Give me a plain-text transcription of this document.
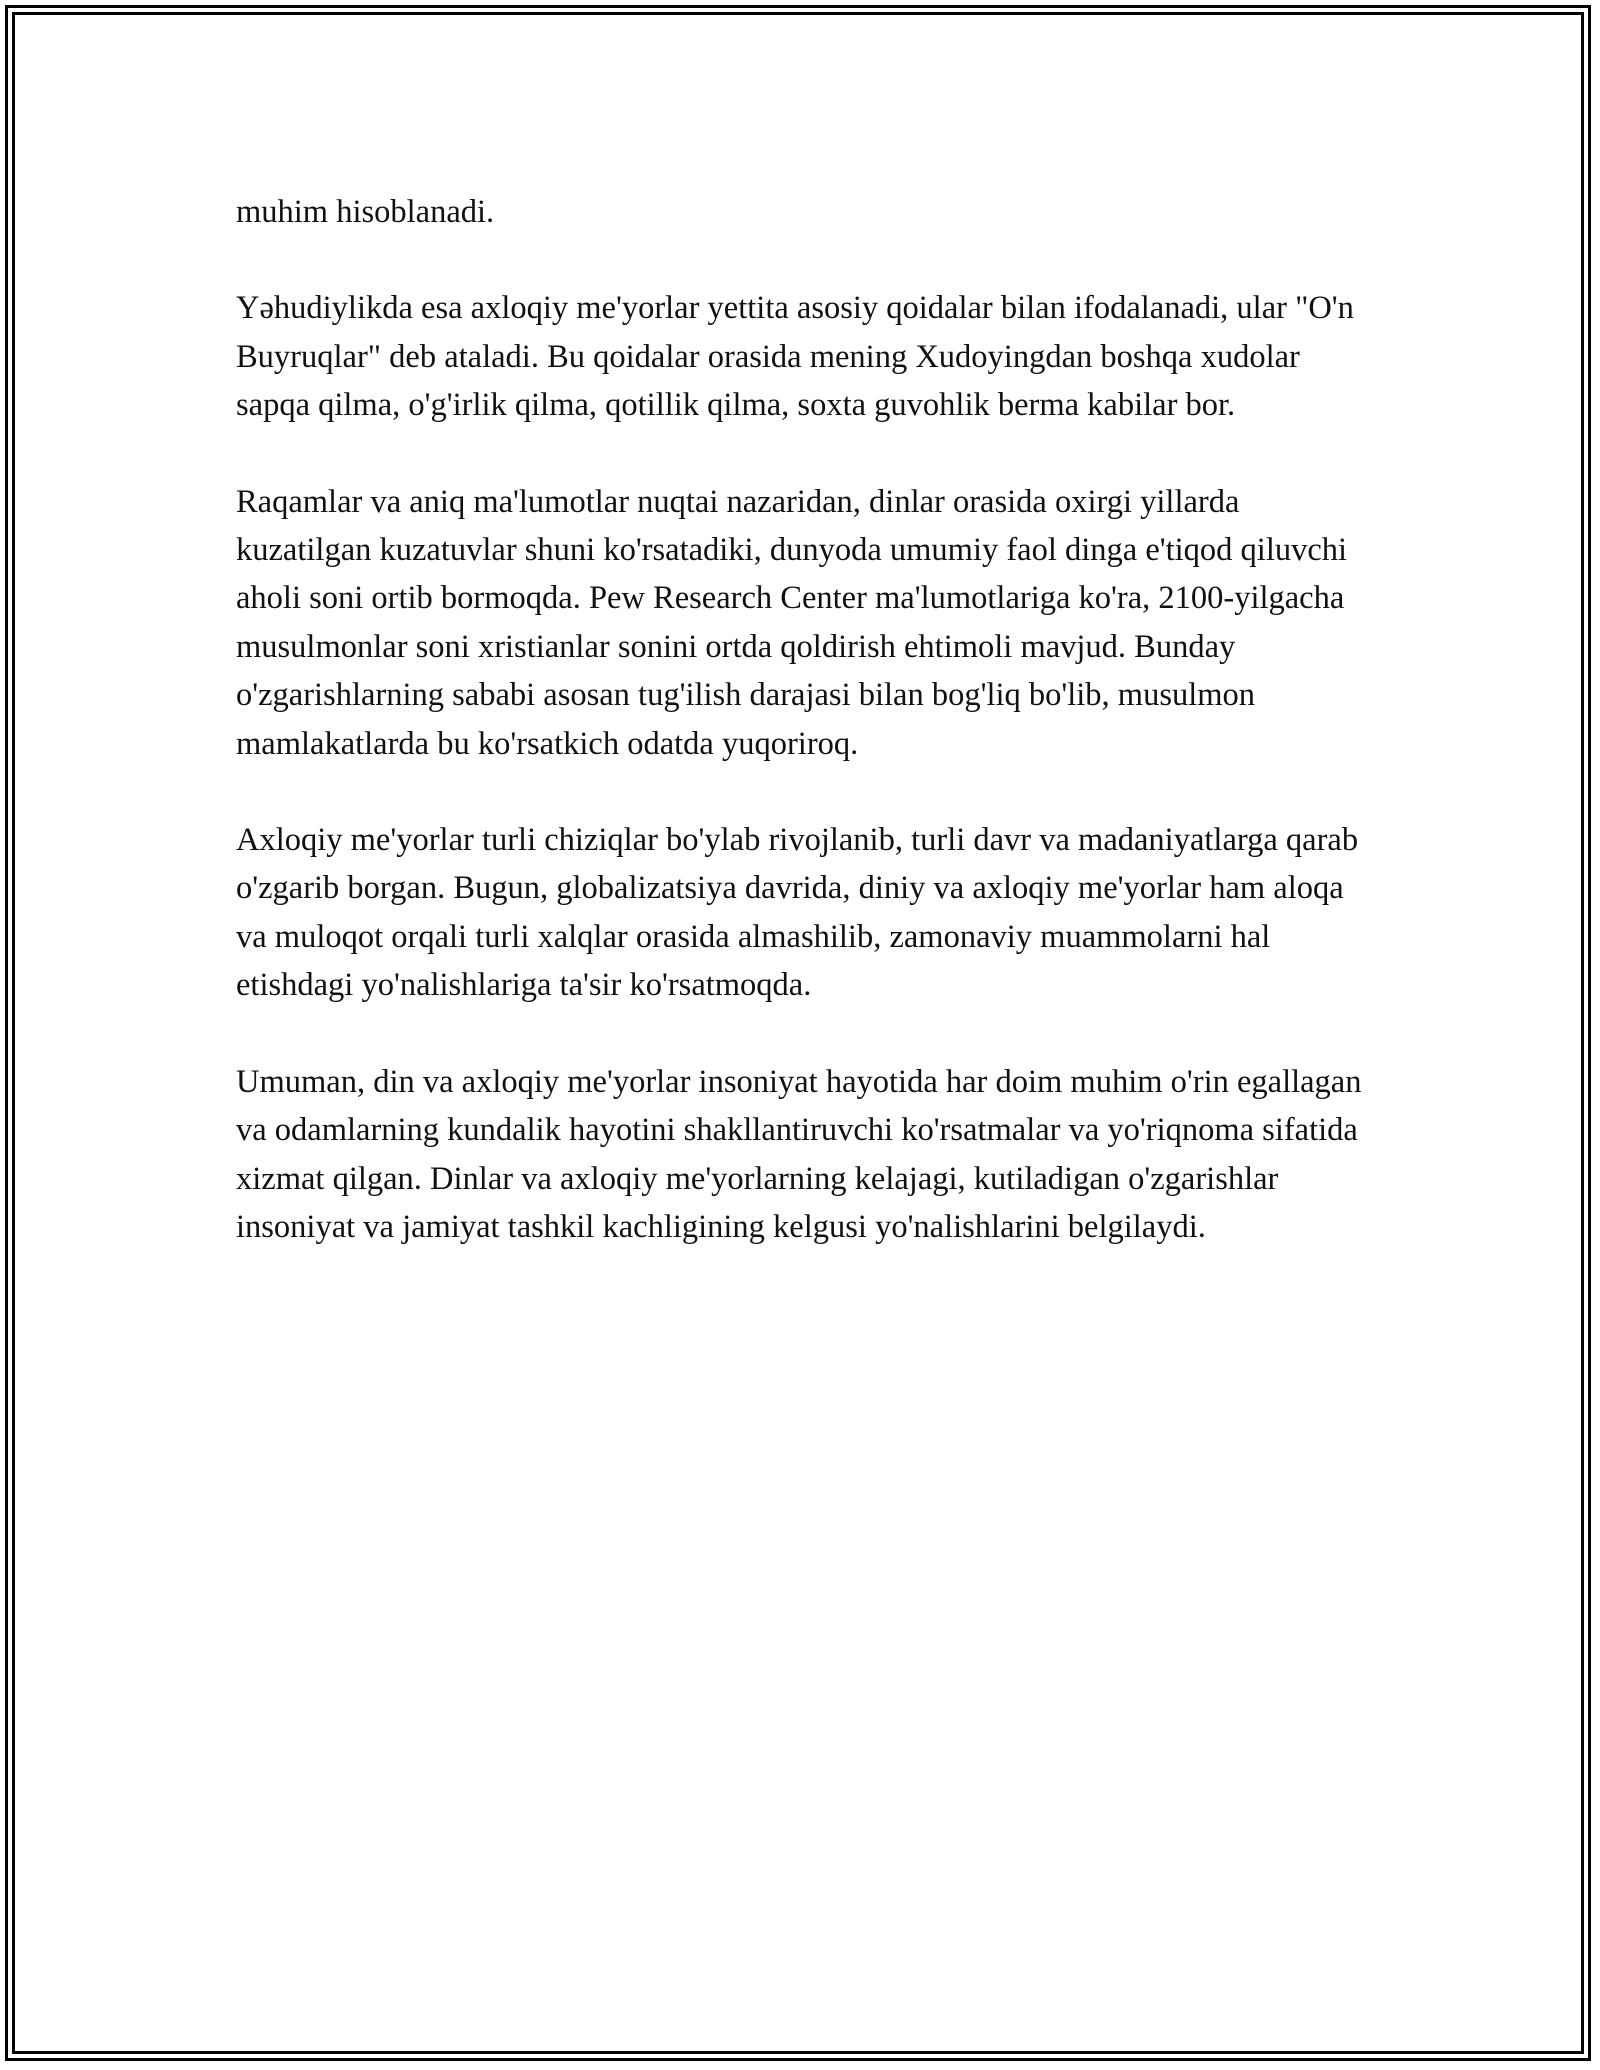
muhim hisoblanadi.

Yəhudiylikda esa axloqiy me'yorlar yettita asosiy qoidalar bilan ifodalanadi, ular "O'n Buyruqlar" deb ataladi. Bu qoidalar orasida mening Xudoyingdan boshqa xudolar sapqa qilma, o'g'irlik qilma, qotillik qilma, soxta guvohlik berma kabilar bor.

Raqamlar va aniq ma'lumotlar nuqtai nazaridan, dinlar orasida oxirgi yillarda kuzatilgan kuzatuvlar shuni ko'rsatadiki, dunyoda umumiy faol dinga e'tiqod qiluvchi aholi soni ortib bormoqda. Pew Research Center ma'lumotlariga ko'ra, 2100-yilgacha musulmonlar soni xristianlar sonini ortda qoldirish ehtimoli mavjud. Bunday o'zgarishlarning sababi asosan tug'ilish darajasi bilan bog'liq bo'lib, musulmon mamlakatlarda bu ko'rsatkich odatda yuqoriroq.

Axloqiy me'yorlar turli chiziqlar bo'ylab rivojlanib, turli davr va madaniyatlarga qarab o'zgarib borgan. Bugun, globalizatsiya davrida, diniy va axloqiy me'yorlar ham aloqa va muloqot orqali turli xalqlar orasida almashilib, zamonaviy muammolarni hal etishdagi yo'nalishlariga ta'sir ko'rsatmoqda.

Umuman, din va axloqiy me'yorlar insoniyat hayotida har doim muhim o'rin egallagan va odamlarning kundalik hayotini shakllantiruvchi ko'rsatmalar va yo'riqnoma sifatida xizmat qilgan. Dinlar va axloqiy me'yorlarning kelajagi, kutiladigan o'zgarishlar insoniyat va jamiyat tashkil kachligining kelgusi yo'nalishlarini belgilaydi.
